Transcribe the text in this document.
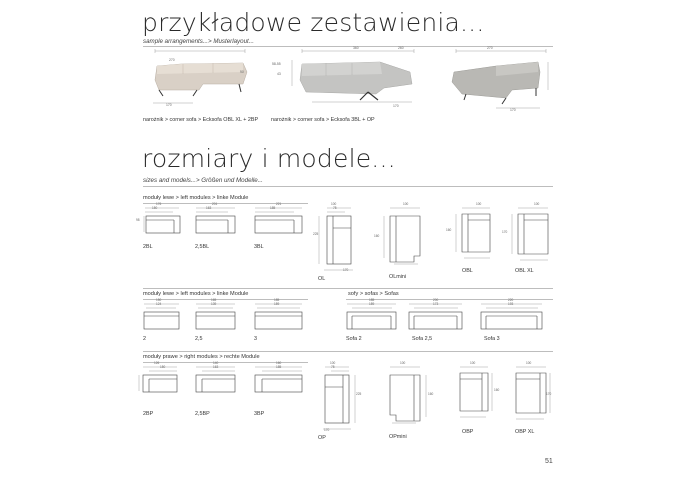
przykładowe zestawienia...
sample arrangements...> Musterlayout...
270
170
90
narożnik > corner sofa > Ecksofa OBL XL + 2BP
360	260
58-55
43
170
narożnik > corner sofa > Ecksofa 3BL + OP
270
170
rozmiary i modele...
sizes and models...> Größen und Modelle...
moduły lewe > left modules > linke Module
176
150
98
2BL
201
163
2,5BL
221
185
3BL
100
75
225
170
OL
100
160
OLmini
100
160
OBL
100
170
OBL XL
moduły lewe > left modules > linke Module	sofy > sofas > Sofas
150
124
2
165
139
2,5
185
159
3
185
159
Sofa 2
200
173
Sofa 2,5
220
193
Sofa 3
moduły prawe > right modules > rechte Module
126
150
2BP
140
163
2,5BP
160
185
3BP
100
75
225
170
OP
100
160
OPmini
100
160
OBP
100
170
OBP XL
51
